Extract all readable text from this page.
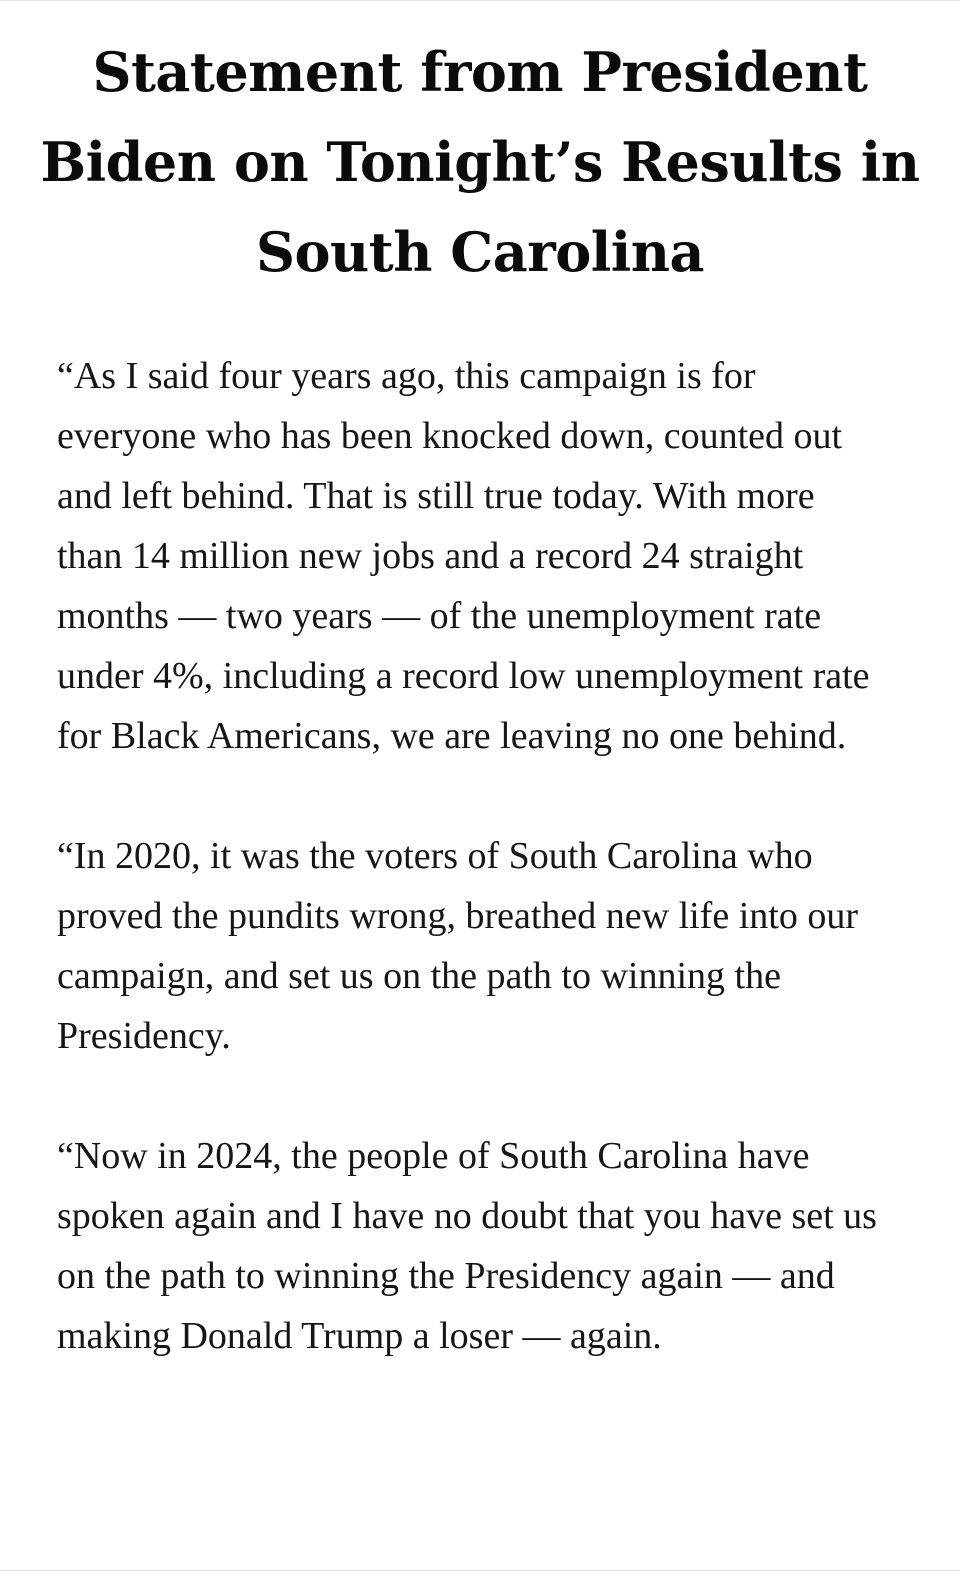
Statement from President Biden on Tonight’s Results in South Carolina

“As I said four years ago, this campaign is for everyone who has been knocked down, counted out and left behind. That is still true today. With more than 14 million new jobs and a record 24 straight months — two years — of the unemployment rate under 4%, including a record low unemployment rate for Black Americans, we are leaving no one behind.

“In 2020, it was the voters of South Carolina who proved the pundits wrong, breathed new life into our campaign, and set us on the path to winning the Presidency.

“Now in 2024, the people of South Carolina have spoken again and I have no doubt that you have set us on the path to winning the Presidency again — and making Donald Trump a loser — again.
